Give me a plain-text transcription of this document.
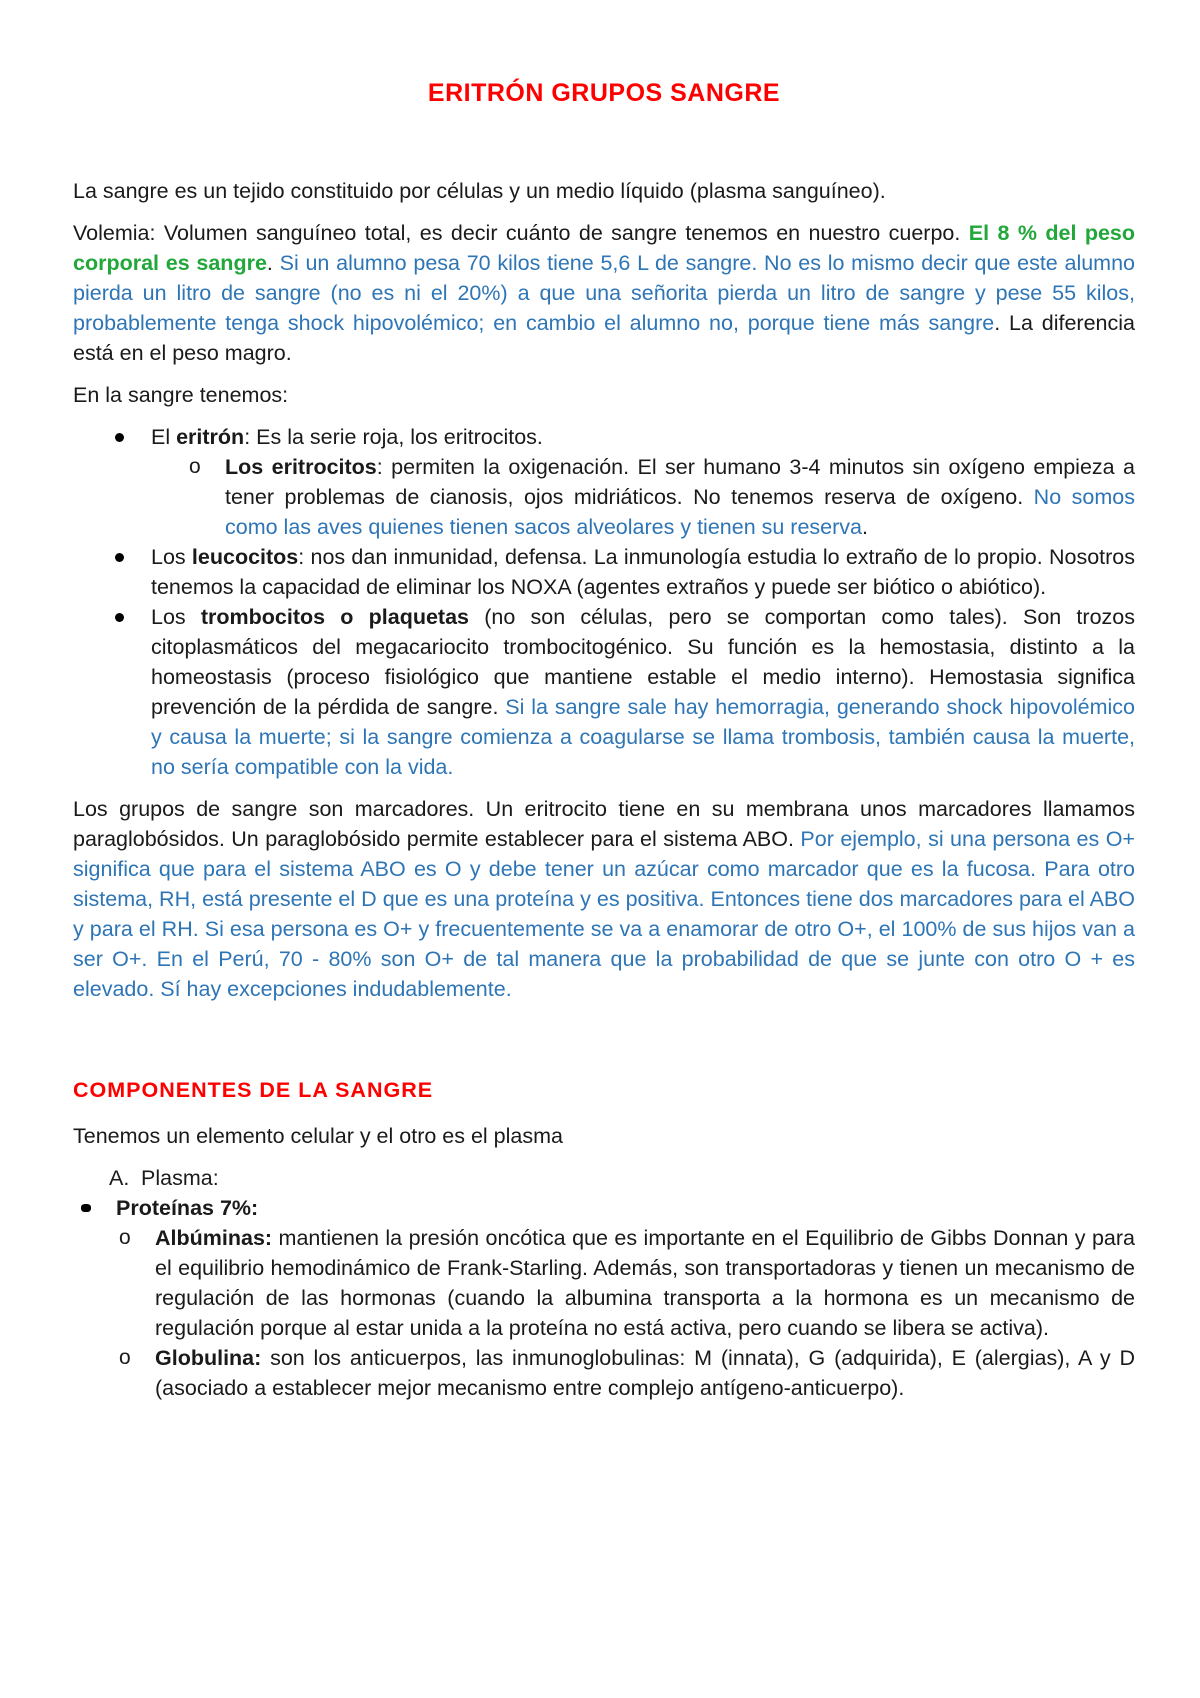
ERITRÓN GRUPOS SANGRE

La sangre es un tejido constituido por células y un medio líquido (plasma sanguíneo).

Volemia: Volumen sanguíneo total, es decir cuánto de sangre tenemos en nuestro cuerpo. El 8 % del peso corporal es sangre. Si un alumno pesa 70 kilos tiene 5,6 L de sangre. No es lo mismo decir que este alumno pierda un litro de sangre (no es ni el 20%) a que una señorita pierda un litro de sangre y pese 55 kilos, probablemente tenga shock hipovolémico; en cambio el alumno no, porque tiene más sangre. La diferencia está en el peso magro.

En la sangre tenemos:

El eritrón: Es la serie roja, los eritrocitos.
o Los eritrocitos: permiten la oxigenación. El ser humano 3-4 minutos sin oxígeno empieza a tener problemas de cianosis, ojos midriáticos. No tenemos reserva de oxígeno. No somos como las aves quienes tienen sacos alveolares y tienen su reserva.
Los leucocitos: nos dan inmunidad, defensa. La inmunología estudia lo extraño de lo propio. Nosotros tenemos la capacidad de eliminar los NOXA (agentes extraños y puede ser biótico o abiótico).
Los trombocitos o plaquetas (no son células, pero se comportan como tales). Son trozos citoplasmáticos del megacariocito trombocitogénico. Su función es la hemostasia, distinto a la homeostasis (proceso fisiológico que mantiene estable el medio interno). Hemostasia significa prevención de la pérdida de sangre. Si la sangre sale hay hemorragia, generando shock hipovolémico y causa la muerte; si la sangre comienza a coagularse se llama trombosis, también causa la muerte, no sería compatible con la vida.

Los grupos de sangre son marcadores. Un eritrocito tiene en su membrana unos marcadores llamamos paraglobósidos. Un paraglobósido permite establecer para el sistema ABO. Por ejemplo, si una persona es O+ significa que para el sistema ABO es O y debe tener un azúcar como marcador que es la fucosa. Para otro sistema, RH, está presente el D que es una proteína y es positiva. Entonces tiene dos marcadores para el ABO y para el RH. Si esa persona es O+ y frecuentemente se va a enamorar de otro O+, el 100% de sus hijos van a ser O+. En el Perú, 70 - 80% son O+ de tal manera que la probabilidad de que se junte con otro O + es elevado. Sí hay excepciones indudablemente.

COMPONENTES DE LA SANGRE

Tenemos un elemento celular y el otro es el plasma

A. Plasma:
Proteínas 7%:
o Albúminas: mantienen la presión oncótica que es importante en el Equilibrio de Gibbs Donnan y para el equilibrio hemodinámico de Frank-Starling. Además, son transportadoras y tienen un mecanismo de regulación de las hormonas (cuando la albumina transporta a la hormona es un mecanismo de regulación porque al estar unida a la proteína no está activa, pero cuando se libera se activa).
o Globulina: son los anticuerpos, las inmunoglobulinas: M (innata), G (adquirida), E (alergias), A y D (asociado a establecer mejor mecanismo entre complejo antígeno-anticuerpo).
